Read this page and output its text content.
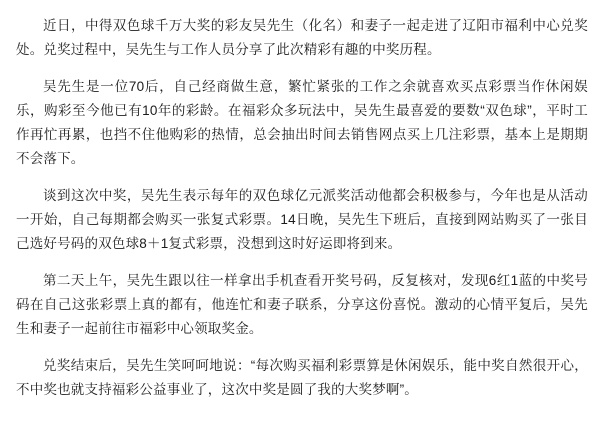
近日，中得双色球千万大奖的彩友吴先生（化名）和妻子一起走进了辽阳市福利中心兑奖处。兑奖过程中，吴先生与工作人员分享了此次精彩有趣的中奖历程。

吴先生是一位70后，自己经商做生意，繁忙紧张的工作之余就喜欢买点彩票当作休闲娱乐，购彩至今他已有10年的彩龄。在福彩众多玩法中，吴先生最喜爱的要数“双色球”，平时工作再忙再累，也挡不住他购彩的热情，总会抽出时间去销售网点买上几注彩票，基本上是期期不会落下。

谈到这次中奖，吴先生表示每年的双色球亿元派奖活动他都会积极参与，今年也是从活动一开始，自己每期都会购买一张复式彩票。14日晚，吴先生下班后，直接到网站购买了一张目己选好号码的双色球8＋1复式彩票，没想到这时好运即将到来。

第二天上午，吴先生跟以往一样拿出手机查看开奖号码，反复核对，发现6红1蓝的中奖号码在自己这张彩票上真的都有，他连忙和妻子联系，分享这份喜悦。激动的心情平复后，吴先生和妻子一起前往市福彩中心领取奖金。

兑奖结束后，吴先生笑呵呵地说：“每次购买福利彩票算是休闲娱乐，能中奖自然很开心，不中奖也就支持福彩公益事业了，这次中奖是圆了我的大奖梦啊”。
